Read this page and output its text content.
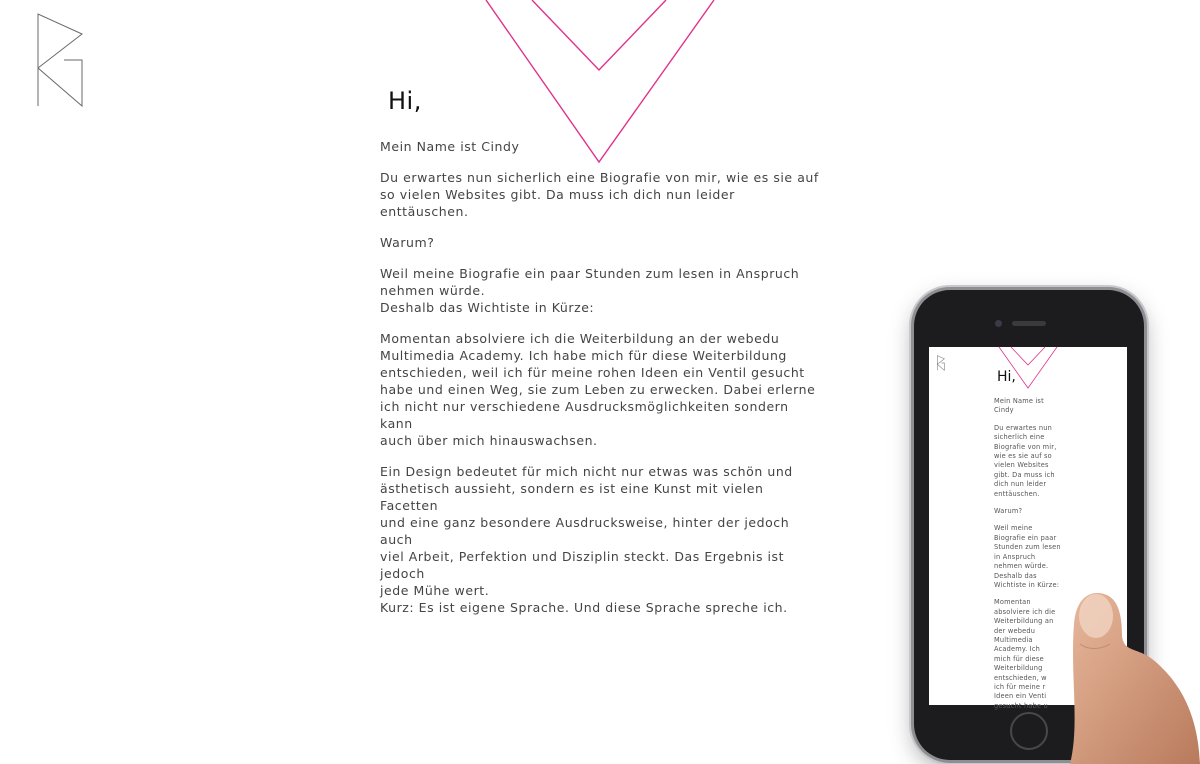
Hi,

Mein Name ist Cindy

Du erwartes nun sicherlich eine Biografie von mir, wie es sie auf
so vielen Websites gibt. Da muss ich dich nun leider enttäuschen.

Warum?

Weil meine Biografie ein paar Stunden zum lesen in Anspruch
nehmen würde.
Deshalb das Wichtiste in Kürze:

Momentan absolviere ich die Weiterbildung an der webedu
Multimedia Academy. Ich habe mich für diese Weiterbildung
entschieden, weil ich für meine rohen Ideen ein Ventil gesucht
habe und einen Weg, sie zum Leben zu erwecken. Dabei erlerne
ich nicht nur verschiedene Ausdrucksmöglichkeiten sondern kann
auch über mich hinauswachsen.

Ein Design bedeutet für mich nicht nur etwas was schön und
ästhetisch aussieht, sondern es ist eine Kunst mit vielen Facetten
und eine ganz besondere Ausdrucksweise, hinter der jedoch auch
viel Arbeit, Perfektion und Disziplin steckt. Das Ergebnis ist jedoch
jede Mühe wert.
Kurz: Es ist eigene Sprache. Und diese Sprache spreche ich.

Hi,

Mein Name ist
Cindy

Du erwartes nun
sicherlich eine
Biografie von mir,
wie es sie auf so
vielen Websites
gibt. Da muss ich
dich nun leider
enttäuschen.

Warum?

Weil meine
Biografie ein paar
Stunden zum lesen
in Anspruch
nehmen würde.
Deshalb das
Wichtiste in Kürze:

Momentan
absolviere ich die
Weiterbildung an
der webedu
Multimedia
Academy. Ich
mich für diese
Weiterbildung
entschieden, w
ich für meine r
Ideen ein Venti
gesucht habe u
